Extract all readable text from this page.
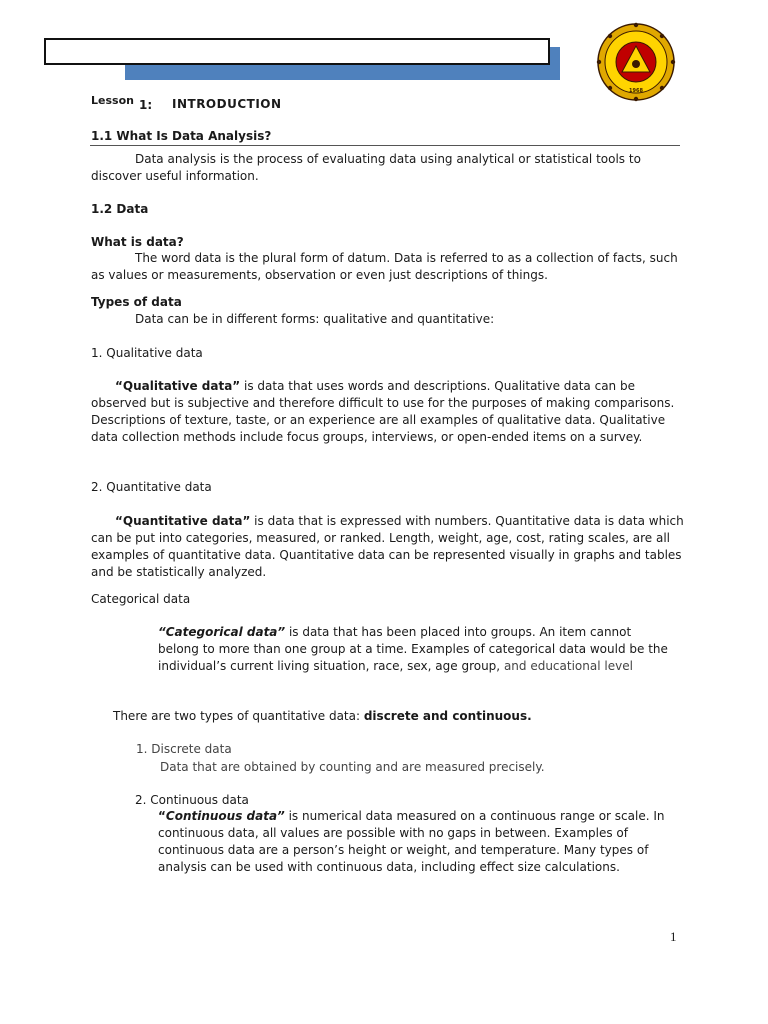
1968
Lesson 1: INTRODUCTION
1.1 What Is Data Analysis?
Data analysis is the process of evaluating data using analytical or statistical tools to discover useful information.
1.2 Data
What is data?
The word data is the plural form of datum. Data is referred to as a collection of facts, such as values or measurements, observation or even just descriptions of things.
Types of data
Data can be in different forms: qualitative and quantitative:
1. Qualitative data
“Qualitative data” is data that uses words and descriptions. Qualitative data can be observed but is subjective and therefore difficult to use for the purposes of making comparisons. Descriptions of texture, taste, or an experience are all examples of qualitative data. Qualitative data collection methods include focus groups, interviews, or open-ended items on a survey.
2. Quantitative data
“Quantitative data” is data that is expressed with numbers. Quantitative data is data which can be put into categories, measured, or ranked. Length, weight, age, cost, rating scales, are all examples of quantitative data. Quantitative data can be represented visually in graphs and tables and be statistically analyzed.
Categorical data
“Categorical data” is data that has been placed into groups. An item cannot belong to more than one group at a time. Examples of categorical data would be the individual’s current living situation, race, sex, age group, and educational level
There are two types of quantitative data: discrete and continuous.
1. Discrete data
Data that are obtained by counting and are measured precisely.
2. Continuous data
“Continuous data” is numerical data measured on a continuous range or scale. In continuous data, all values are possible with no gaps in between. Examples of continuous data are a person’s height or weight, and temperature. Many types of analysis can be used with continuous data, including effect size calculations.
1
